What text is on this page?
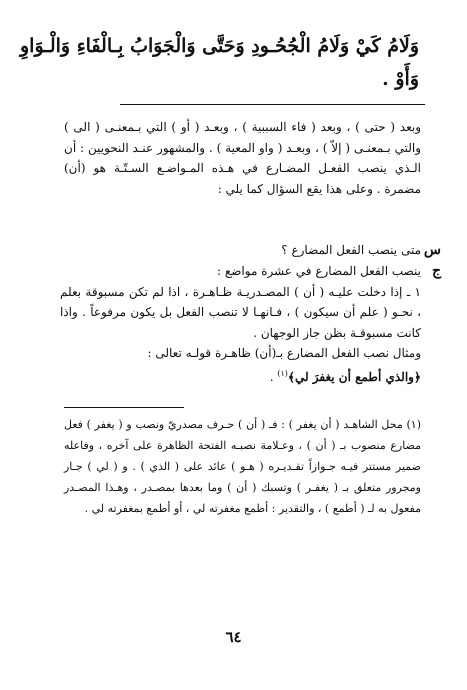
وَلَامُ كَيْ وَلَامُ الْجُحُـودِ وَحَتَّى وَالْجَوَابُ بِـالْفَاءِ وَالْـوَاوِ
وَأَوْ .

وبعد ( حتى ) ، وبعد ( فاء السببية ) ، وبعـد ( أو ) التي بـمعنـى ( الى ) والتي بـمعنـى ( إلاّ ) ، وبعـد ( واو المعية ) . والمشهور عنـد النحويين : أن الـذي ينصب الفعـل المضـارع في هـذه المـواضـع السـتّـة هو (أن) مضمرة . وعلى هذا يقع السؤال كما يلي :

س
متى ينصب الفعل المضارع ؟
ج
ينصب الفعل المضارع في عشرة مواضع :
١ ـ إذا دخلت عليـه ( أن ) المصـدريـة ظـاهـرة ، اذا لم تكن مسبوقة بعلم ، نحـو ( علم أن سيكون ) ، فـانهـا لا تنصب الفعل بل يكون مرفوعاً . واذا كانت مسبوقـة بظن جاز الوجهان .
ومثال نصب الفعل المضارع بـ(أن) ظاهـرة قولـه تعالى :
﴿والذي أطمع أن يغفرَ لي﴾$^{(١)}$ .
(١) محل الشاهـد ( أن يغفر ) : فـ ( أن ) حـرف مصدريّ ونصب و ( يغفر ) فعل مضارع منصوب بـ ( أن ) ، وعـلامة نصبـه الفتحة الظاهرة على آخره ، وفاعله ضمير مستتر فيـه جـوازاً تقـديـره ( هـو ) عائد على ( الذي ) . و ( لي ) جـار ومجرور متعلق بـ ( يغفـر ) وتسبك ( أن ) وما بعدها بمصـدر ، وهـذا المصـدر مفعول به لـ ( أطمع ) ، والتقدير : أطمع مغفرته لي ، أو أطمع بمغفرته لي .
٦٤
